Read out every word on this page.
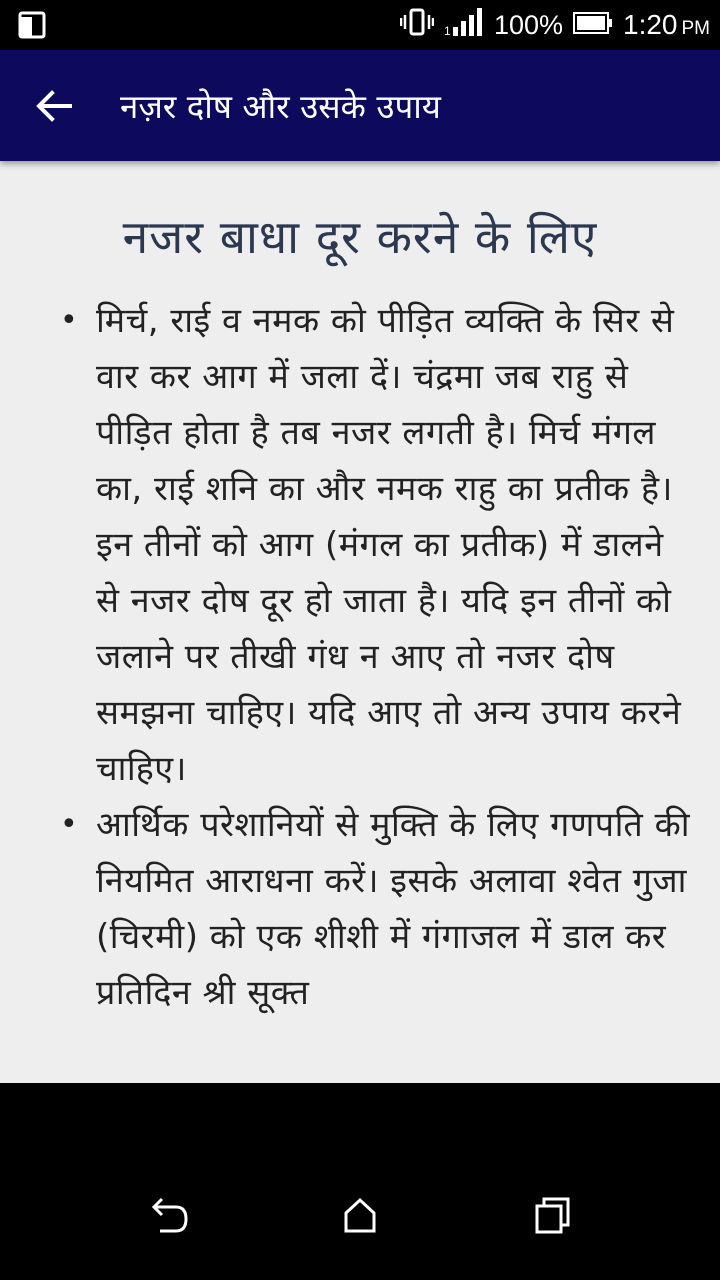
1 100% 1:20 PM
नज़र दोष और उसके उपाय
नजर बाधा दूर करने के लिए
• मिर्च, राई व नमक को पीड़ित व्यक्ति के सिर से वार कर आग में जला दें। चंद्रमा जब राहु से पीड़ित होता है तब नजर लगती है। मिर्च मंगल का, राई शनि का और नमक राहु का प्रतीक है। इन तीनों को आग (मंगल का प्रतीक) में डालने से नजर दोष दूर हो जाता है। यदि इन तीनों को जलाने पर तीखी गंध न आए तो नजर दोष समझना चाहिए। यदि आए तो अन्य उपाय करने चाहिए।
• आर्थिक परेशानियों से मुक्ति के लिए गणपति की नियमित आराधना करें। इसके अलावा श्वेत गुजा (चिरमी) को एक शीशी में गंगाजल में डाल कर प्रतिदिन श्री सूक्त
